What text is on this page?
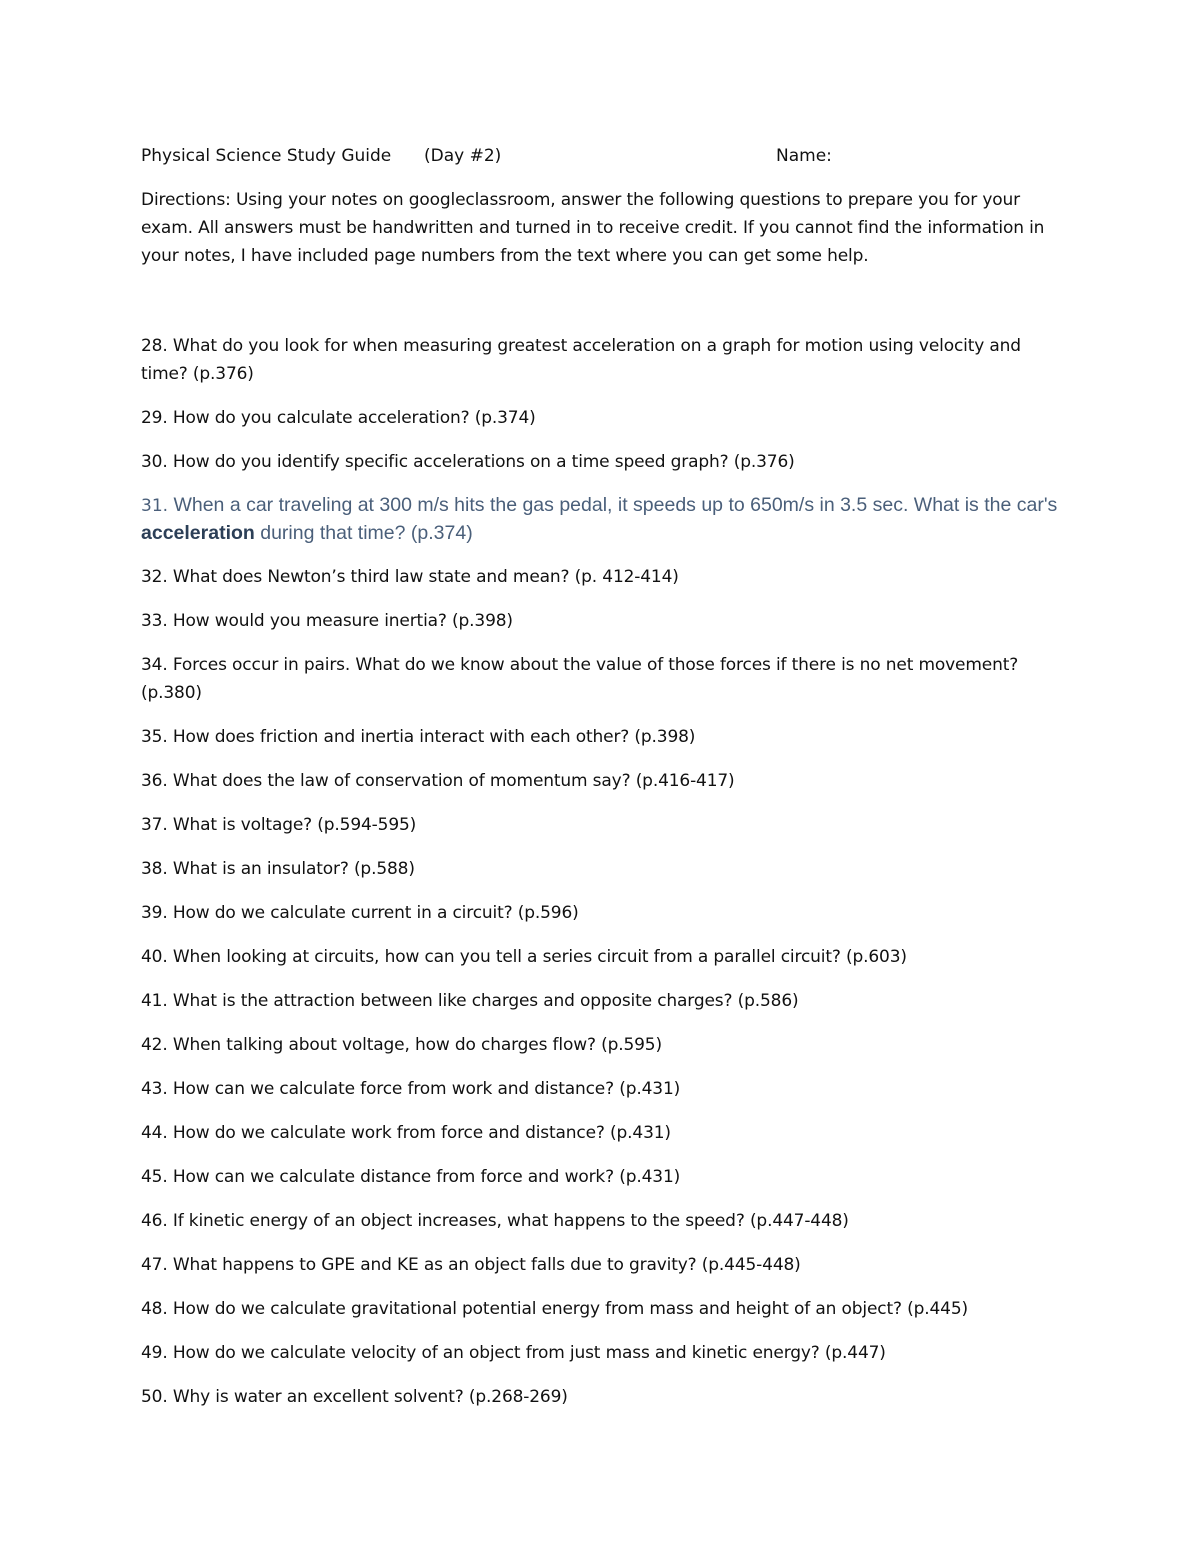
Physical Science Study Guide (Day #2)	Name:
Directions: Using your notes on googleclassroom, answer the following questions to prepare you for your exam. All answers must be handwritten and turned in to receive credit. If you cannot find the information in your notes, I have included page numbers from the text where you can get some help.

28. What do you look for when measuring greatest acceleration on a graph for motion using velocity and time? (p.376)

29. How do you calculate acceleration? (p.374)

30. How do you identify specific accelerations on a time speed graph? (p.376)

31. When a car traveling at 300 m/s hits the gas pedal, it speeds up to 650m/s in 3.5 sec. What is the car's acceleration during that time? (p.374)

32. What does Newton’s third law state and mean? (p. 412-414)

33. How would you measure inertia? (p.398)

34. Forces occur in pairs. What do we know about the value of those forces if there is no net movement? (p.380)

35. How does friction and inertia interact with each other? (p.398)

36. What does the law of conservation of momentum say? (p.416-417)

37. What is voltage? (p.594-595)

38. What is an insulator? (p.588)

39. How do we calculate current in a circuit? (p.596)

40. When looking at circuits, how can you tell a series circuit from a parallel circuit? (p.603)

41. What is the attraction between like charges and opposite charges? (p.586)

42. When talking about voltage, how do charges flow? (p.595)

43. How can we calculate force from work and distance? (p.431)

44. How do we calculate work from force and distance? (p.431)

45. How can we calculate distance from force and work? (p.431)

46. If kinetic energy of an object increases, what happens to the speed? (p.447-448)

47. What happens to GPE and KE as an object falls due to gravity? (p.445-448)

48. How do we calculate gravitational potential energy from mass and height of an object? (p.445)

49. How do we calculate velocity of an object from just mass and kinetic energy? (p.447)

50. Why is water an excellent solvent? (p.268-269)
